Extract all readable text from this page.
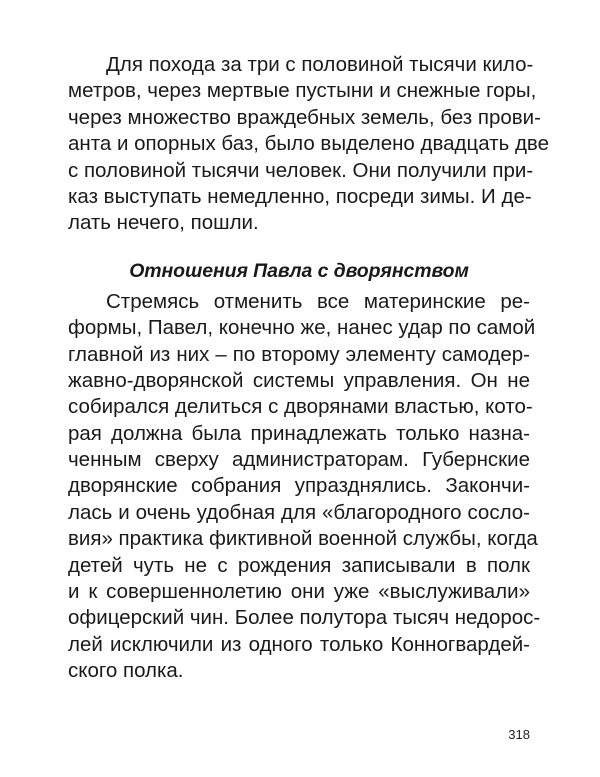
Для похода за три с половиной тысячи кило-
метров, через мертвые пустыни и снежные горы,
через множество враждебных земель, без прови-
анта и опорных баз, было выделено двадцать две
с половиной тысячи человек. Они получили при-
каз выступать немедленно, посреди зимы. И де-
лать нечего, пошли.
Отношения Павла с дворянством
Стремясь отменить все материнские ре-
формы, Павел, конечно же, нанес удар по самой
главной из них – по второму элементу самодер-
жавно-дворянской системы управления. Он не
собирался делиться с дворянами властью, кото-
рая должна была принадлежать только назна-
ченным сверху администраторам. Губернские
дворянские собрания упразднялись. Закончи-
лась и очень удобная для «благородного сосло-
вия» практика фиктивной военной службы, когда
детей чуть не с рождения записывали в полк
и к совершеннолетию они уже «выслуживали»
офицерский чин. Более полутора тысяч недорос-
лей исключили из одного только Конногвардей-
ского полка.
318
